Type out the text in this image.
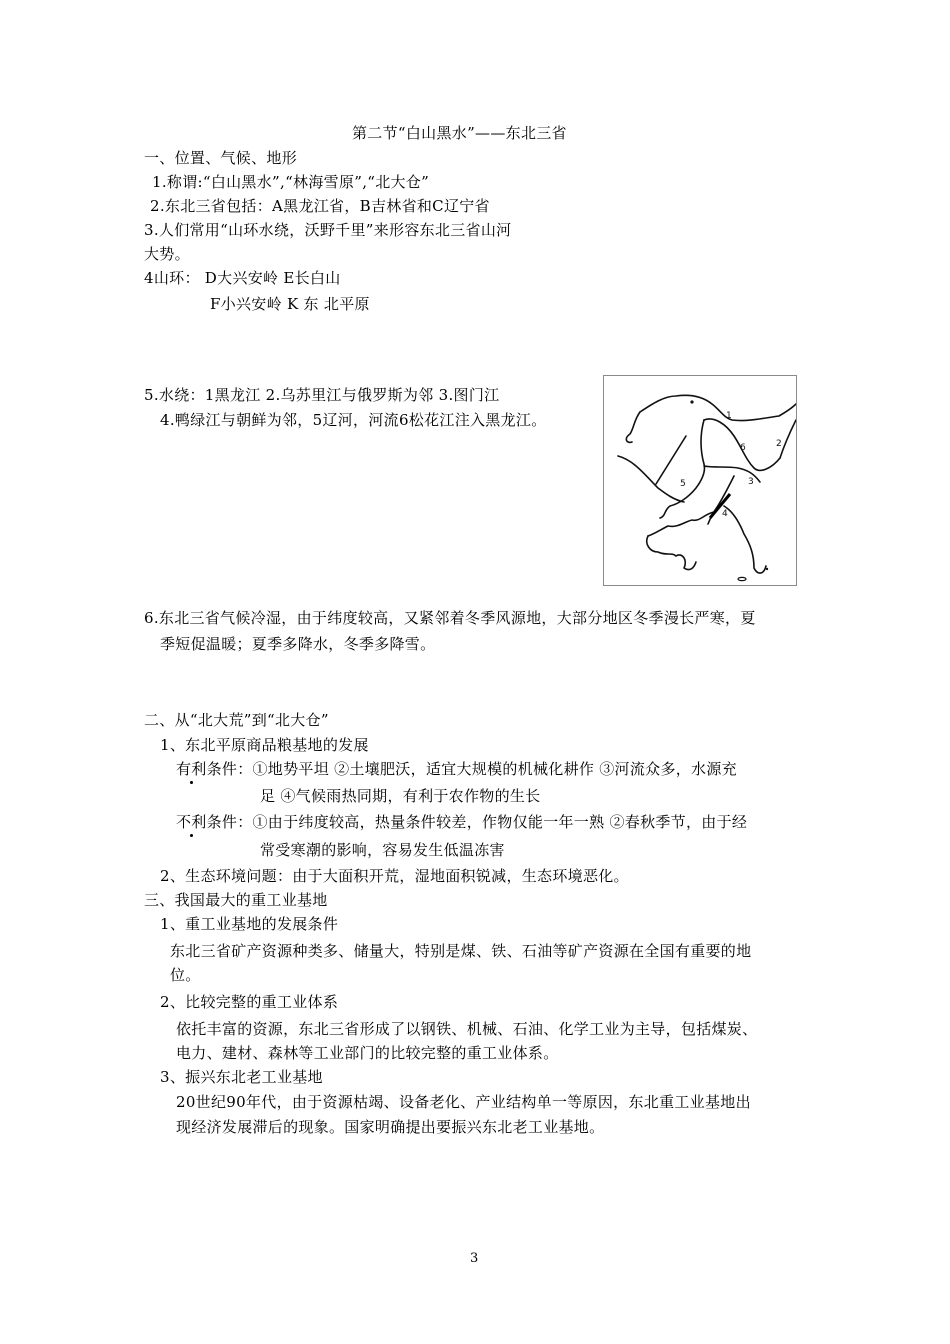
第二节“白山黑水”——东北三省
一、位置、气候、地形
1.称谓:“白山黑水”,“林海雪原”,“北大仓”
2.东北三省包括：A黑龙江省，B吉林省和C辽宁省
3.人们常用“山环水绕，沃野千里”来形容东北三省山河
大势。
4山环： D大兴安岭 E长白山
F小兴安岭 K 东 北平原
5.水绕：1黑龙江 2.乌苏里江与俄罗斯为邻 3.图门江
4.鸭绿江与朝鲜为邻，5辽河，河流6松花江注入黑龙江。	1
2
6
3
5
4
6.东北三省气候冷湿，由于纬度较高，又紧邻着冬季风源地，大部分地区冬季漫长严寒，夏
季短促温暖；夏季多降水，冬季多降雪。
二、从“北大荒”到“北大仓”
1、东北平原商品粮基地的发展
有利条件：①地势平坦 ②土壤肥沃，适宜大规模的机械化耕作 ③河流众多，水源充
足 ④气候雨热同期，有利于农作物的生长
不利条件：①由于纬度较高，热量条件较差，作物仅能一年一熟 ②春秋季节，由于经
常受寒潮的影响，容易发生低温冻害
2、生态环境问题：由于大面积开荒，湿地面积锐减，生态环境恶化。
三、我国最大的重工业基地
1、重工业基地的发展条件
东北三省矿产资源种类多、储量大，特别是煤、铁、石油等矿产资源在全国有重要的地
位。
2、比较完整的重工业体系
依托丰富的资源，东北三省形成了以钢铁、机械、石油、化学工业为主导，包括煤炭、
电力、建材、森林等工业部门的比较完整的重工业体系。
3、振兴东北老工业基地
20世纪90年代，由于资源枯竭、设备老化、产业结构单一等原因，东北重工业基地出
现经济发展滞后的现象。国家明确提出要振兴东北老工业基地。
3
